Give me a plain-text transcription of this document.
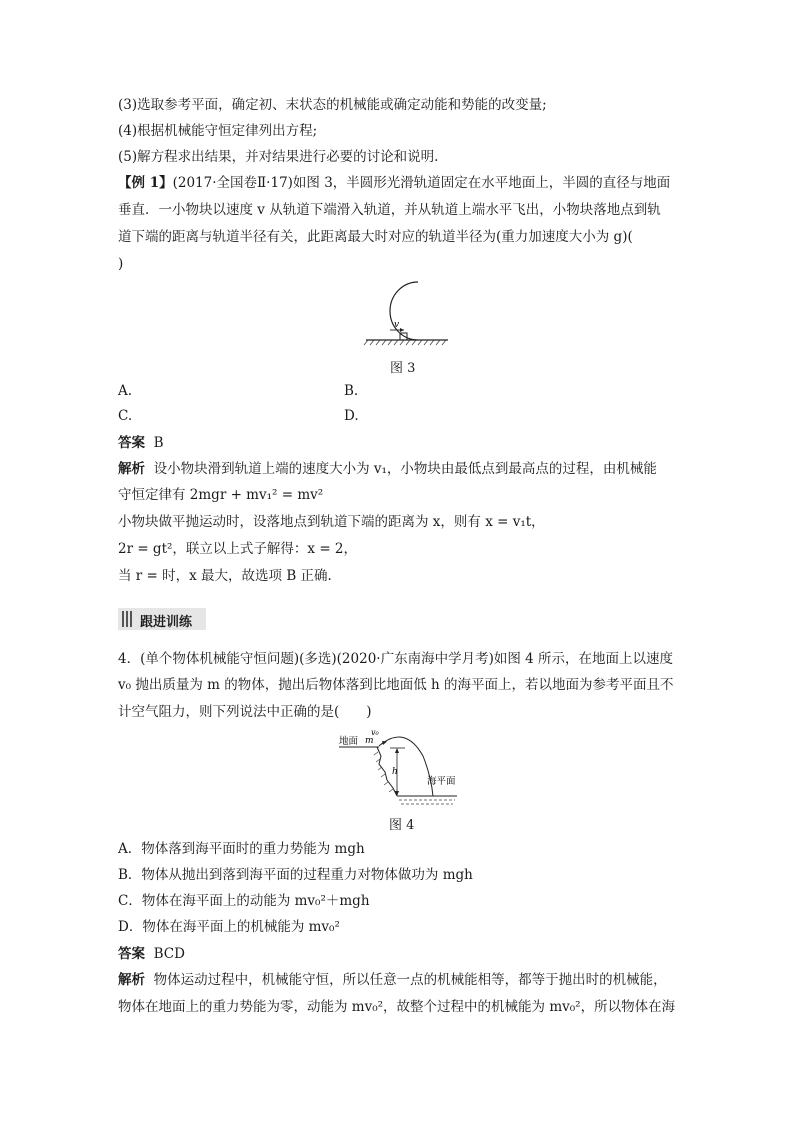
(3)选取参考平面，确定初、末状态的机械能或确定动能和势能的改变量;
(4)根据机械能守恒定律列出方程;
(5)解方程求出结果，并对结果进行必要的讨论和说明.
【例 1】(2017·全国卷Ⅱ·17)如图 3，半圆形光滑轨道固定在水平地面上，半圆的直径与地面
垂直．一小物块以速度 v 从轨道下端滑入轨道，并从轨道上端水平飞出，小物块落地点到轨
道下端的距离与轨道半径有关，此距离最大时对应的轨道半径为(重力加速度大小为 g)(
)
v
图 3
A.	B.
C.	D.
答案 B
解析 设小物块滑到轨道上端的速度大小为 v₁，小物块由最低点到最高点的过程，由机械能
守恒定律有 2mgr + mv₁² = mv²
小物块做平抛运动时，设落地点到轨道下端的距离为 x，则有 x = v₁t，
2r = gt²，联立以上式子解得：x = 2，
当 r = 时，x 最大，故选项 B 正确.
跟进训练
4．(单个物体机械能守恒问题)(多选)(2020·广东南海中学月考)如图 4 所示，在地面上以速度
v₀ 抛出质量为 m 的物体，抛出后物体落到比地面低 h 的海平面上，若以地面为参考平面且不
计空气阻力，则下列说法中正确的是(　　)
地面 m
v₀
h
海平面
图 4
A．物体落到海平面时的重力势能为 mgh
B．物体从抛出到落到海平面的过程重力对物体做功为 mgh
C．物体在海平面上的动能为 mv₀²＋mgh
D．物体在海平面上的机械能为 mv₀²
答案 BCD
解析 物体运动过程中，机械能守恒，所以任意一点的机械能相等，都等于抛出时的机械能，
物体在地面上的重力势能为零，动能为 mv₀²，故整个过程中的机械能为 mv₀²，所以物体在海
